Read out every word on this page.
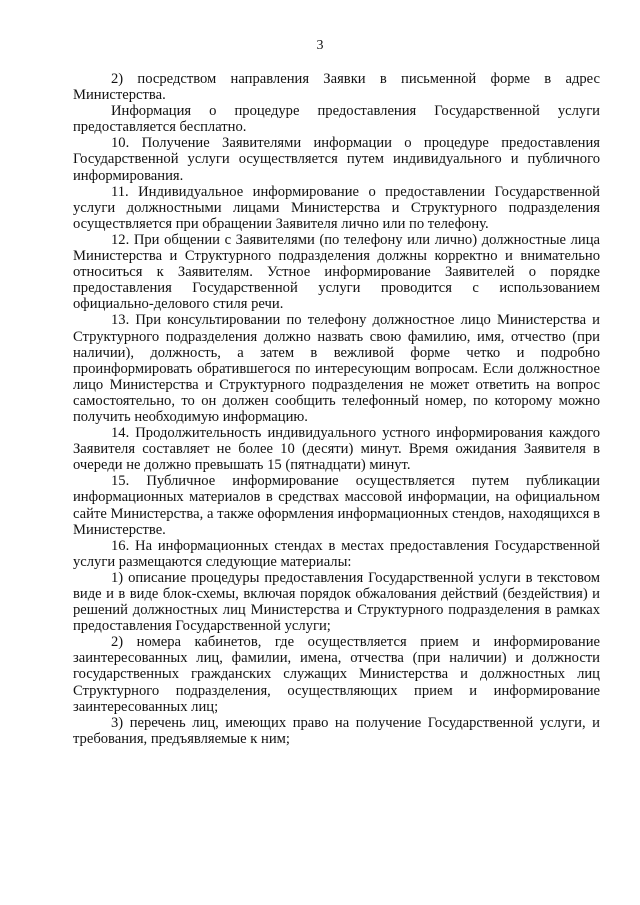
3

2) посредством направления Заявки в письменной форме в адрес Министерства.

Информация о процедуре предоставления Государственной услуги предоставляется бесплатно.

10. Получение Заявителями информации о процедуре предоставления Государственной услуги осуществляется путем индивидуального и публичного информирования.

11. Индивидуальное информирование о предоставлении Государственной услуги должностными лицами Министерства и Структурного подразделения осуществляется при обращении Заявителя лично или по телефону.

12. При общении с Заявителями (по телефону или лично) должностные лица Министерства и Структурного подразделения должны корректно и внимательно относиться к Заявителям. Устное информирование Заявителей о порядке предоставления Государственной услуги проводится с использованием официально-делового стиля речи.

13. При консультировании по телефону должностное лицо Министерства и Структурного подразделения должно назвать свою фамилию, имя, отчество (при наличии), должность, а затем в вежливой форме четко и подробно проинформировать обратившегося по интересующим вопросам. Если должностное лицо Министерства и Структурного подразделения не может ответить на вопрос самостоятельно, то он должен сообщить телефонный номер, по которому можно получить необходимую информацию.

14. Продолжительность индивидуального устного информирования каждого Заявителя составляет не более 10 (десяти) минут. Время ожидания Заявителя в очереди не должно превышать 15 (пятнадцати) минут.

15. Публичное информирование осуществляется путем публикации информационных материалов в средствах массовой информации, на официальном сайте Министерства, а также оформления информационных стендов, находящихся в Министерстве.

16. На информационных стендах в местах предоставления Государственной услуги размещаются следующие материалы:

1) описание процедуры предоставления Государственной услуги в текстовом виде и в виде блок-схемы, включая порядок обжалования действий (бездействия) и решений должностных лиц Министерства и Структурного подразделения в рамках предоставления Государственной услуги;

2) номера кабинетов, где осуществляется прием и информирование заинтересованных лиц, фамилии, имена, отчества (при наличии) и должности государственных гражданских служащих Министерства и должностных лиц Структурного подразделения, осуществляющих прием и информирование заинтересованных лиц;

3) перечень лиц, имеющих право на получение Государственной услуги, и требования, предъявляемые к ним;
